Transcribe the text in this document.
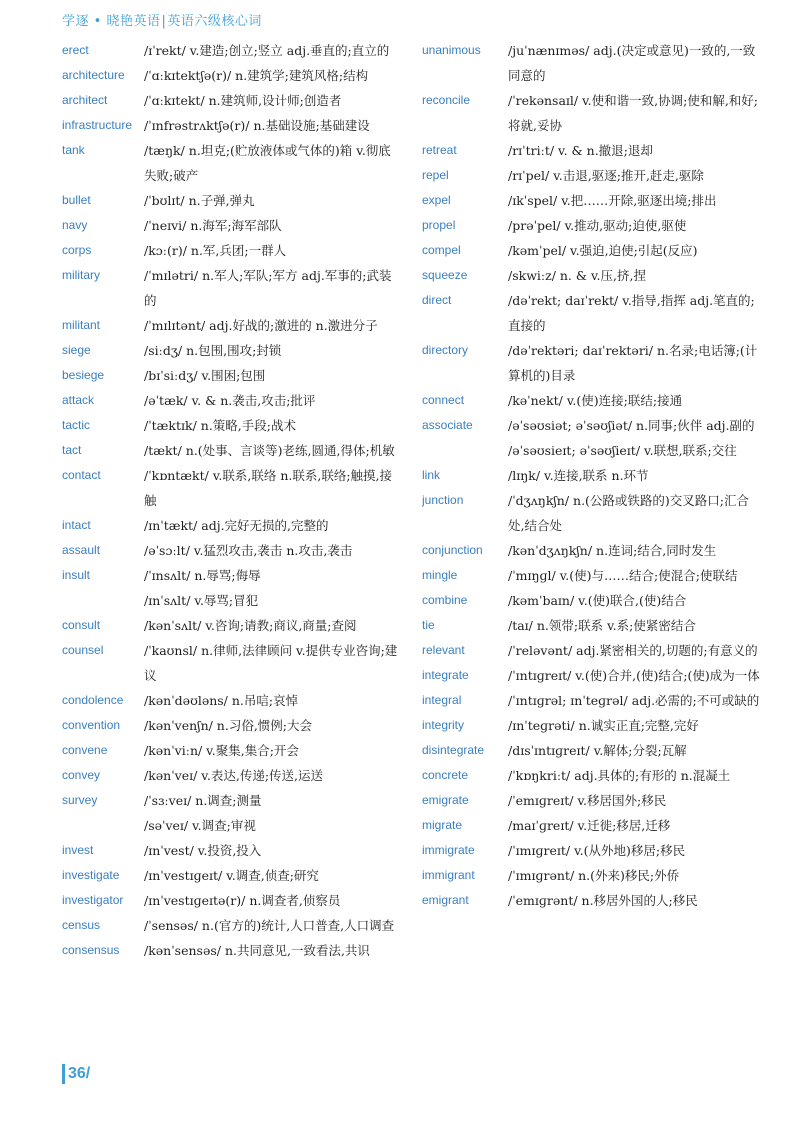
学逐 • 晓艳英语|英语六级核心词
erect	/ɪˈrekt/ v.建造;创立;竖立 adj.垂直的;直立的
architecture	/ˈɑːkɪtektʃə(r)/ n.建筑学;建筑风格;结构
architect	/ˈɑːkɪtekt/ n.建筑师,设计师;创造者
infrastructure /ˈɪnfrəstrʌktʃə(r)/ n.基础设施;基础建设
tank	/tæŋk/ n.坦克;(贮放液体或气体的)箱 v.彻底失败;破产
bullet	/ˈbʊlɪt/ n.子弹,弹丸
navy	/ˈneɪvi/ n.海军;海军部队
corps	/kɔː(r)/ n.军,兵团;一群人
military	/ˈmɪlətri/ n.军人;军队;军方 adj.军事的;武装的
militant	/ˈmɪlɪtənt/ adj.好战的;激进的 n.激进分子
siege	/siːdʒ/ n.包围,围攻;封锁
besiege	/bɪˈsiːdʒ/ v.围困;包围
attack	/əˈtæk/ v. & n.袭击,攻击;批评
tactic	/ˈtæktɪk/ n.策略,手段;战术
tact	/tækt/ n.(处事、言谈等)老练,圆通,得体;机敏
contact	/ˈkɒntækt/ v.联系,联络 n.联系,联络;触摸,接触
intact	/ɪnˈtækt/ adj.完好无损的,完整的
assault	/əˈsɔːlt/ v.猛烈攻击,袭击 n.攻击,袭击
insult	/ˈɪnsʌlt/ n.辱骂;侮辱
/ɪnˈsʌlt/ v.辱骂;冒犯
consult	/kənˈsʌlt/ v.咨询;请教;商议,商量;查阅
counsel	/ˈkaʊnsl/ n.律师,法律顾问 v.提供专业咨询;建议
condolence	/kənˈdəʊləns/ n.吊唁;哀悼
convention	/kənˈvenʃn/ n.习俗,惯例;大会
convene	/kənˈviːn/ v.聚集,集合;开会
convey	/kənˈveɪ/ v.表达,传递;传送,运送
survey	/ˈsɜːveɪ/ n.调查;测量
/səˈveɪ/ v.调查;审视
invest	/ɪnˈvest/ v.投资,投入
investigate	/ɪnˈvestɪɡeɪt/ v.调查,侦查;研究
investigator	/ɪnˈvestɪɡeɪtə(r)/ n.调查者,侦察员
census	/ˈsensəs/ n.(官方的)统计,人口普查,人口调查
consensus	/kənˈsensəs/ n.共同意见,一致看法,共识
unanimous	/juˈnænɪməs/ adj.(决定或意见)一致的,一致同意的
reconcile	/ˈrekənsaɪl/ v.使和谐一致,协调;使和解,和好;将就,妥协
retreat	/rɪˈtriːt/ v. & n.撤退;退却
repel	/rɪˈpel/ v.击退,驱逐;推开,赶走,驱除
expel	/ɪkˈspel/ v.把……开除,驱逐出境;排出
propel	/prəˈpel/ v.推动,驱动;迫使,驱使
compel	/kəmˈpel/ v.强迫,迫使;引起(反应)
squeeze	/skwiːz/ n. & v.压,挤,捏
direct	/dəˈrekt; daɪˈrekt/ v.指导,指挥 adj.笔直的;直接的
directory	/dəˈrektəri; daɪˈrektəri/ n.名录;电话簿;(计算机的)目录
connect	/kəˈnekt/ v.(使)连接;联结;接通
associate	/əˈsəʊsiət; əˈsəʊʃiət/ n.同事;伙伴 adj.副的
/əˈsəʊsieɪt; əˈsəʊʃieɪt/ v.联想,联系;交往
link	/lɪŋk/ v.连接,联系 n.环节
junction	/ˈdʒʌŋkʃn/ n.(公路或铁路的)交叉路口;汇合处,结合处
conjunction	/kənˈdʒʌŋkʃn/ n.连词;结合,同时发生
mingle	/ˈmɪŋɡl/ v.(使)与……结合;使混合;使联结
combine	/kəmˈbaɪn/ v.(使)联合,(使)结合
tie	/taɪ/ n.领带;联系 v.系;使紧密结合
relevant	/ˈreləvənt/ adj.紧密相关的,切题的;有意义的
integrate	/ˈɪntɪɡreɪt/ v.(使)合并,(使)结合;(使)成为一体
integral	/ˈɪntɪɡrəl; ɪnˈteɡrəl/ adj.必需的;不可或缺的
integrity	/ɪnˈteɡrəti/ n.诚实正直;完整,完好
disintegrate	/dɪsˈɪntɪɡreɪt/ v.解体;分裂;瓦解
concrete	/ˈkɒŋkriːt/ adj.具体的;有形的 n.混凝土
emigrate	/ˈemɪɡreɪt/ v.移居国外;移民
migrate	/maɪˈɡreɪt/ v.迁徙;移居,迁移
immigrate	/ˈɪmɪɡreɪt/ v.(从外地)移居;移民
immigrant	/ˈɪmɪɡrənt/ n.(外来)移民;外侨
emigrant	/ˈemɪɡrənt/ n.移居外国的人;移民
36/
